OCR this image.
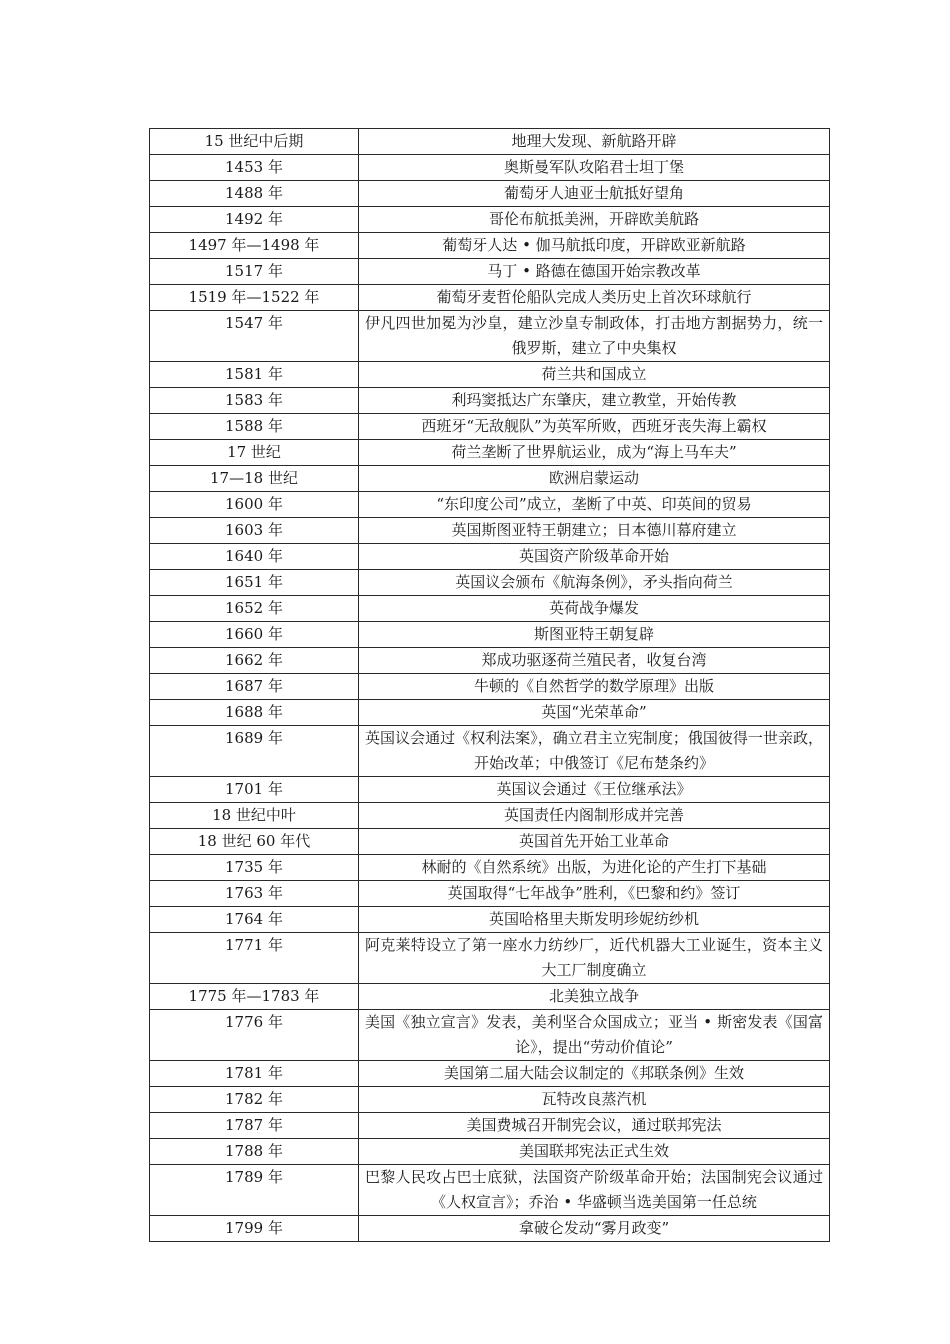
15 世纪中后期	地理大发现、新航路开辟
1453 年	奥斯曼军队攻陷君士坦丁堡
1488 年	葡萄牙人迪亚士航抵好望角
1492 年	哥伦布航抵美洲，开辟欧美航路
1497 年—1498 年	葡萄牙人达 • 伽马航抵印度，开辟欧亚新航路
1517 年	马丁 • 路德在德国开始宗教改革
1519 年—1522 年	葡萄牙麦哲伦船队完成人类历史上首次环球航行
1547 年	伊凡四世加冕为沙皇，建立沙皇专制政体，打击地方割据势力，统一俄罗斯，建立了中央集权
1581 年	荷兰共和国成立
1583 年	利玛窦抵达广东肇庆，建立教堂，开始传教
1588 年	西班牙“无敌舰队”为英军所败，西班牙丧失海上霸权
17 世纪	荷兰垄断了世界航运业，成为“海上马车夫”
17—18 世纪	欧洲启蒙运动
1600 年	“东印度公司”成立，垄断了中英、印英间的贸易
1603 年	英国斯图亚特王朝建立；日本德川幕府建立
1640 年	英国资产阶级革命开始
1651 年	英国议会颁布《航海条例》，矛头指向荷兰
1652 年	英荷战争爆发
1660 年	斯图亚特王朝复辟
1662 年	郑成功驱逐荷兰殖民者，收复台湾
1687 年	牛顿的《自然哲学的数学原理》出版
1688 年	英国“光荣革命”
1689 年	英国议会通过《权利法案》，确立君主立宪制度；俄国彼得一世亲政，开始改革；中俄签订《尼布楚条约》
1701 年	英国议会通过《王位继承法》
18 世纪中叶	英国责任内阁制形成并完善
18 世纪 60 年代	英国首先开始工业革命
1735 年	林耐的《自然系统》出版，为进化论的产生打下基础
1763 年	英国取得“七年战争”胜利，《巴黎和约》签订
1764 年	英国哈格里夫斯发明珍妮纺纱机
1771 年	阿克莱特设立了第一座水力纺纱厂，近代机器大工业诞生，资本主义大工厂制度确立
1775 年—1783 年	北美独立战争
1776 年	美国《独立宣言》发表，美利坚合众国成立；亚当 • 斯密发表《国富论》，提出“劳动价值论”
1781 年	美国第二届大陆会议制定的《邦联条例》生效
1782 年	瓦特改良蒸汽机
1787 年	美国费城召开制宪会议，通过联邦宪法
1788 年	美国联邦宪法正式生效
1789 年	巴黎人民攻占巴士底狱，法国资产阶级革命开始；法国制宪会议通过《人权宣言》；乔治 • 华盛顿当选美国第一任总统
1799 年	拿破仑发动“雾月政变”
